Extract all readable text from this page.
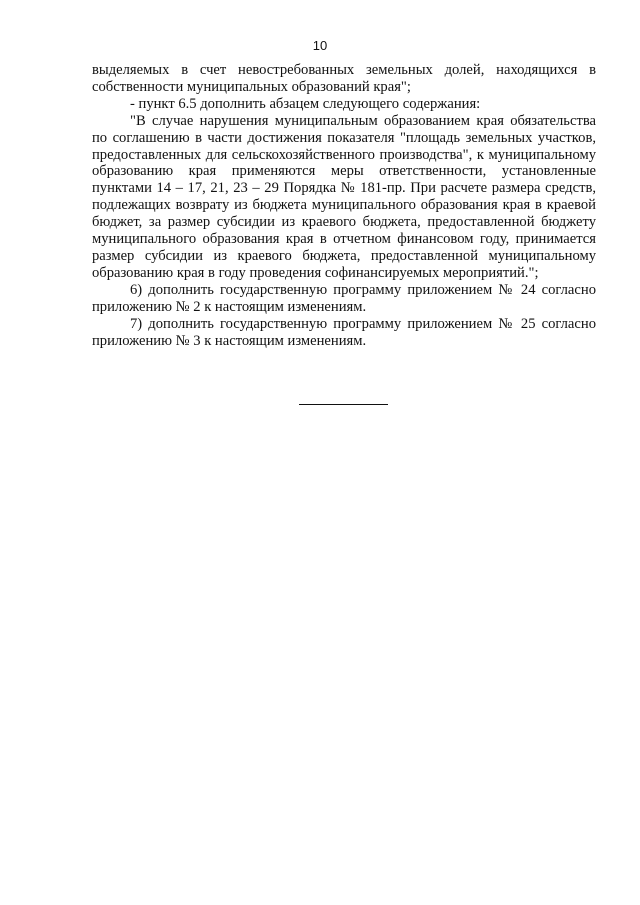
10

выделяемых в счет невостребованных земельных долей, находящихся в собственности муниципальных образований края";

- пункт 6.5 дополнить абзацем следующего содержания:

"В случае нарушения муниципальным образованием края обязательства по соглашению в части достижения показателя "площадь земельных участков, предоставленных для сельскохозяйственного производства", к муниципальному образованию края применяются меры ответственности, установленные пунктами 14 – 17, 21, 23 – 29 Порядка № 181-пр. При расчете размера средств, подлежащих возврату из бюджета муниципального образования края в краевой бюджет, за размер субсидии из краевого бюджета, предоставленной бюджету муниципального образования края в отчетном финансовом году, принимается размер субсидии из краевого бюджета, предоставленной муниципальному образованию края в году проведения софинансируемых мероприятий.";

6) дополнить государственную программу приложением № 24 согласно приложению № 2 к настоящим изменениям.

7) дополнить государственную программу приложением № 25 согласно приложению № 3 к настоящим изменениям.
